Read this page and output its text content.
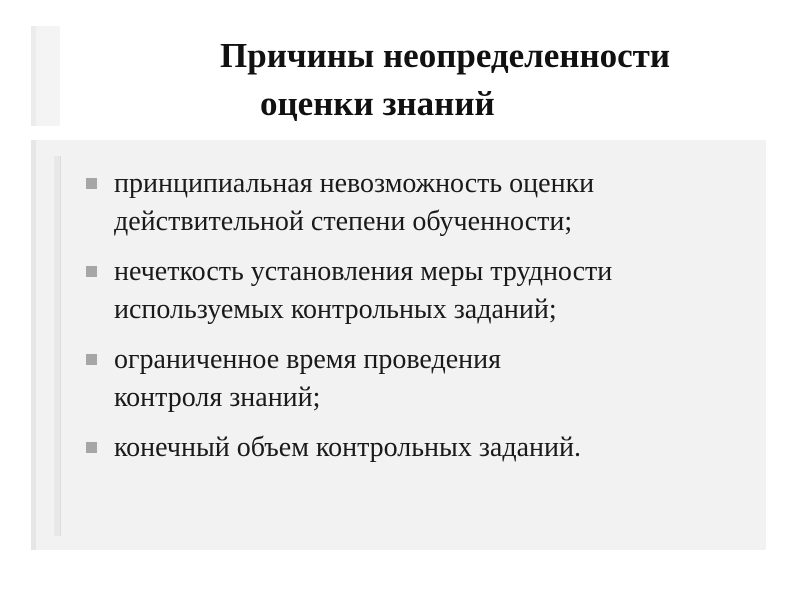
Причины неопределенности
оценки знаний
принципиальная невозможность оценки
действительной степени обученности;
нечеткость установления меры трудности
используемых контрольных заданий;
ограниченное время проведения
контроля знаний;
конечный объем контрольных заданий.
